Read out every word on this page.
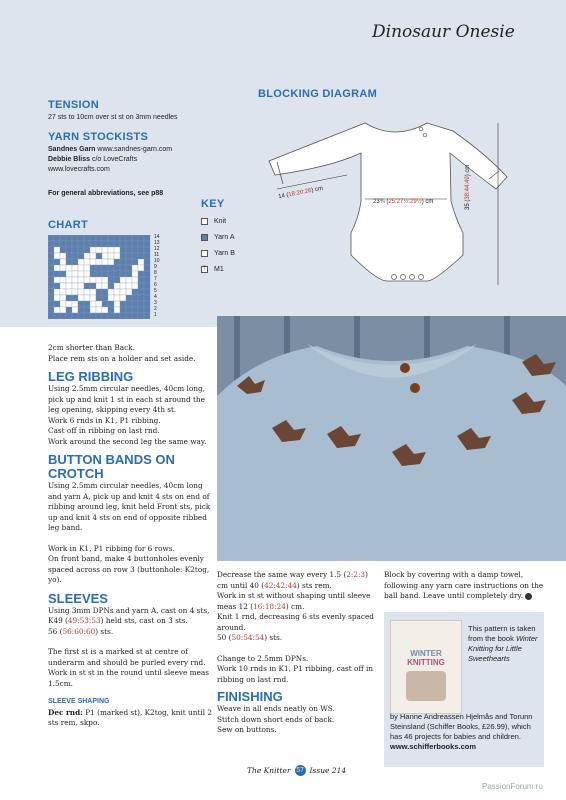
Dinosaur Onesie
TENSION
27 sts to 10cm over st st on 3mm needles
YARN STOCKISTS
Sandnes Garn www.sandnes-garn.com
Debbie Bliss c/o LoveCrafts
www.lovecrafts.com
For general abbreviations, see p88
CHART
14
13
12
11
10
9
8
7
6
5
4
3
2
1
KEY
Knit
Yarn A
Yarn B
ᛉ M1
BLOCKING DIAGRAM
14 (18:20:26) cm
23¾ (25:27½:29½) cm	35 (38:44:49) cm
2cm shorter than Back.
Place rem sts on a holder and set aside.
LEG RIBBING
Using 2.5mm circular needles, 40cm long, pick up and knit 1 st in each st around the leg opening, skipping every 4th st.
Work 6 rnds in K1, P1 ribbing.
Cast off in ribbing on last rnd.
Work around the second leg the same way.
BUTTON BANDS ON CROTCH
Using 2.5mm circular needles, 40cm long and yarn A, pick up and knit 4 sts on end of ribbing around leg, knit held Front sts, pick up and knit 4 sts on end of opposite ribbed leg band.
Work in K1, P1 ribbing for 6 rows.
On front band, make 4 buttonholes evenly spaced across on row 3 (buttonhole: K2tog, yo).
SLEEVES
Using 3mm DPNs and yarn A, cast on 4 sts, K49 (49:53:53) held sts, cast on 3 sts.
56 (56:60:60) sts.
The first st is a marked st at centre of underarm and should be purled every rnd. Work in st st in the round until sleeve meas 1.5cm.
SLEEVE SHAPING
Dec rnd: P1 (marked st), K2tog, knit until 2 sts rem, skpo.
Decrease the same way every 1.5 (2:2:3) cm until 40 (42:42:44) sts rem.
Work in st st without shaping until sleeve meas 12 (16:18:24) cm.
Knit 1 rnd, decreasing 6 sts evenly spaced around.
50 (50:54:54) sts.
Change to 2.5mm DPNs.
Work 10 rnds in K1, P1 ribbing, cast off in ribbing on last rnd.
FINISHING
Weave in all ends neatly on WS.
Stitch down short ends of back.
Sew on buttons.
Block by covering with a damp towel, following any yarn care instructions on the ball band. Leave until completely dry.
WINTER
KNITTING
This pattern is taken from the book Winter Knitting for Little Sweethearts
by Hanne Andreassen Hjelmås and Torunn Steinsland (Schiffer Books, £26.99), which has 46 projects for babies and children. www.schifferbooks.com
The Knitter 57 Issue 214
PassionForum.ru
